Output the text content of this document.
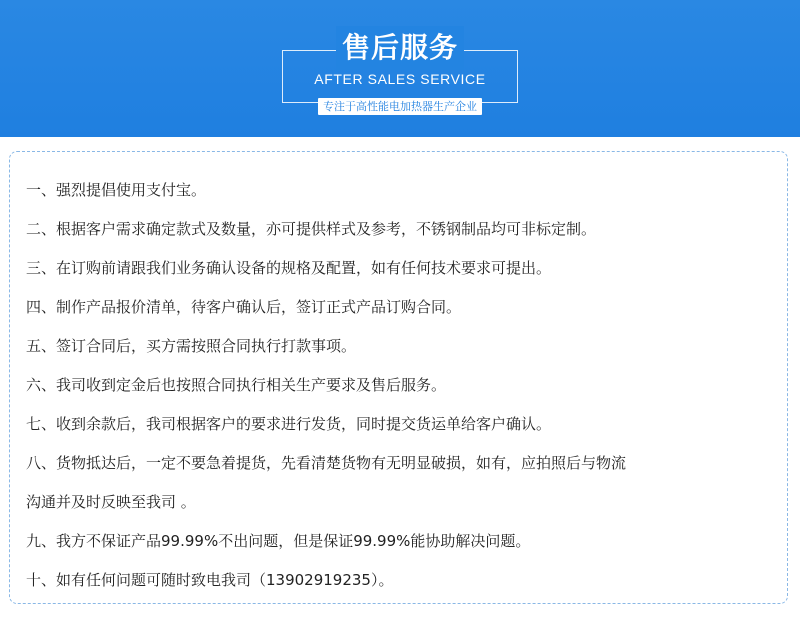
售后服务

AFTER SALES SERVICE

专注于高性能电加热器生产企业
一、强烈提倡使用支付宝。
二、根据客户需求确定款式及数量，亦可提供样式及参考，不锈钢制品均可非标定制。
三、在订购前请跟我们业务确认设备的规格及配置，如有任何技术要求可提出。
四、制作产品报价清单，待客户确认后，签订正式产品订购合同。
五、签订合同后，买方需按照合同执行打款事项。
六、我司收到定金后也按照合同执行相关生产要求及售后服务。
七、收到余款后，我司根据客户的要求进行发货，同时提交货运单给客户确认。
八、货物抵达后，一定不要急着提货，先看清楚货物有无明显破损，如有，应拍照后与物流
沟通并及时反映至我司 。
九、我方不保证产品99.99%不出问题，但是保证99.99%能协助解决问题。
十、如有任何问题可随时致电我司（13902919235）。
